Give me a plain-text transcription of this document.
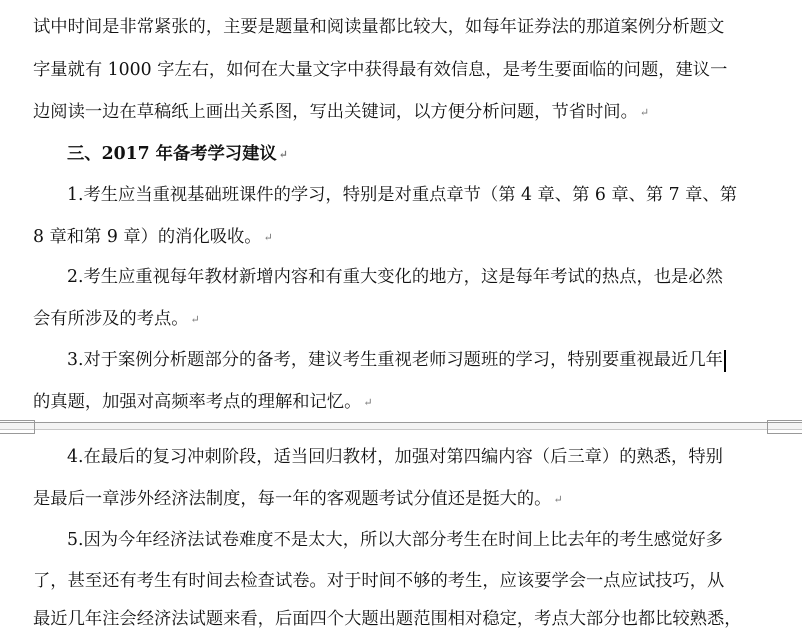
试中时间是非常紧张的，主要是题量和阅读量都比较大，如每年证券法的那道案例分析题文
字量就有 1000 字左右，如何在大量文字中获得最有效信息，是考生要面临的问题，建议一
边阅读一边在草稿纸上画出关系图，写出关键词，以方便分析问题，节省时间。 ↵
三、2017 年备考学习建议 ↵
1.考生应当重视基础班课件的学习，特别是对重点章节（第 4 章、第 6 章、第 7 章、第
8 章和第 9 章）的消化吸收。 ↵
2.考生应重视每年教材新增内容和有重大变化的地方，这是每年考试的热点，也是必然
会有所涉及的考点。 ↵
3.对于案例分析题部分的备考，建议考生重视老师习题班的学习，特别要重视最近几年
的真题，加强对高频率考点的理解和记忆。 ↵
4.在最后的复习冲刺阶段，适当回归教材，加强对第四编内容（后三章）的熟悉，特别
是最后一章涉外经济法制度，每一年的客观题考试分值还是挺大的。 ↵
5.因为今年经济法试卷难度不是太大，所以大部分考生在时间上比去年的考生感觉好多
了，甚至还有考生有时间去检查试卷。对于时间不够的考生，应该要学会一点应试技巧，从
最近几年注会经济法试题来看，后面四个大题出题范围相对稳定，考点大部分也都比较熟悉，
